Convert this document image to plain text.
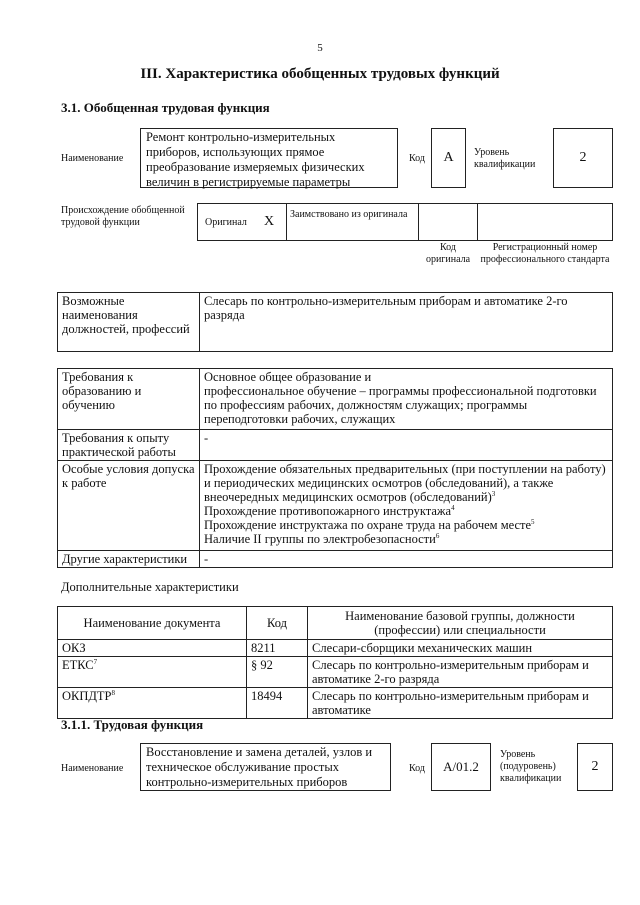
5
III. Характеристика обобщенных трудовых функций
3.1. Обобщенная трудовая функция
Наименование
Ремонт контрольно-измерительных приборов, использующих прямое преобразование измеряемых физических величин в регистрируемые параметры
Код	А	Уровень квалификации	2
Происхождение обобщенной трудовой функции	Оригинал X	Заимствовано из оригинала
Код оригинала
Регистрационный номер профессионального стандарта
Возможные наименования должностей, профессий	Слесарь по контрольно-измерительным приборам и автоматике 2-го разряда
Требования к образованию и обучению	Основное общее образование и
профессиональное обучение – программы профессиональной подготовки по профессиям рабочих, должностям служащих; программы переподготовки рабочих, служащих

Требования к опыту практической работы	-
Особые условия допуска к работе	Прохождение обязательных предварительных (при поступлении на работу) и периодических медицинских осмотров (обследований), а также внеочередных медицинских осмотров (обследований)$^3$
Прохождение противопожарного инструктажа$^4$
Прохождение инструктажа по охране труда на рабочем месте$^5$
Наличие II группы по электробезопасности$^6$

Другие характеристики	-
Дополнительные характеристики
Наименование документа	Код	Наименование базовой группы, должности (профессии) или специальности
ОКЗ	8211	Слесари-сборщики механических машин
ЕТКС$^7$	§ 92	Слесарь по контрольно-измерительным приборам и автоматике 2-го разряда
ОКПДТР$^8$	18494	Слесарь по контрольно-измерительным приборам и автоматике
3.1.1. Трудовая функция
Наименование
Восстановление и замена деталей, узлов и техническое обслуживание простых контрольно-измерительных приборов
Код	А/01.2
Уровень (подуровень) квалификации
2
